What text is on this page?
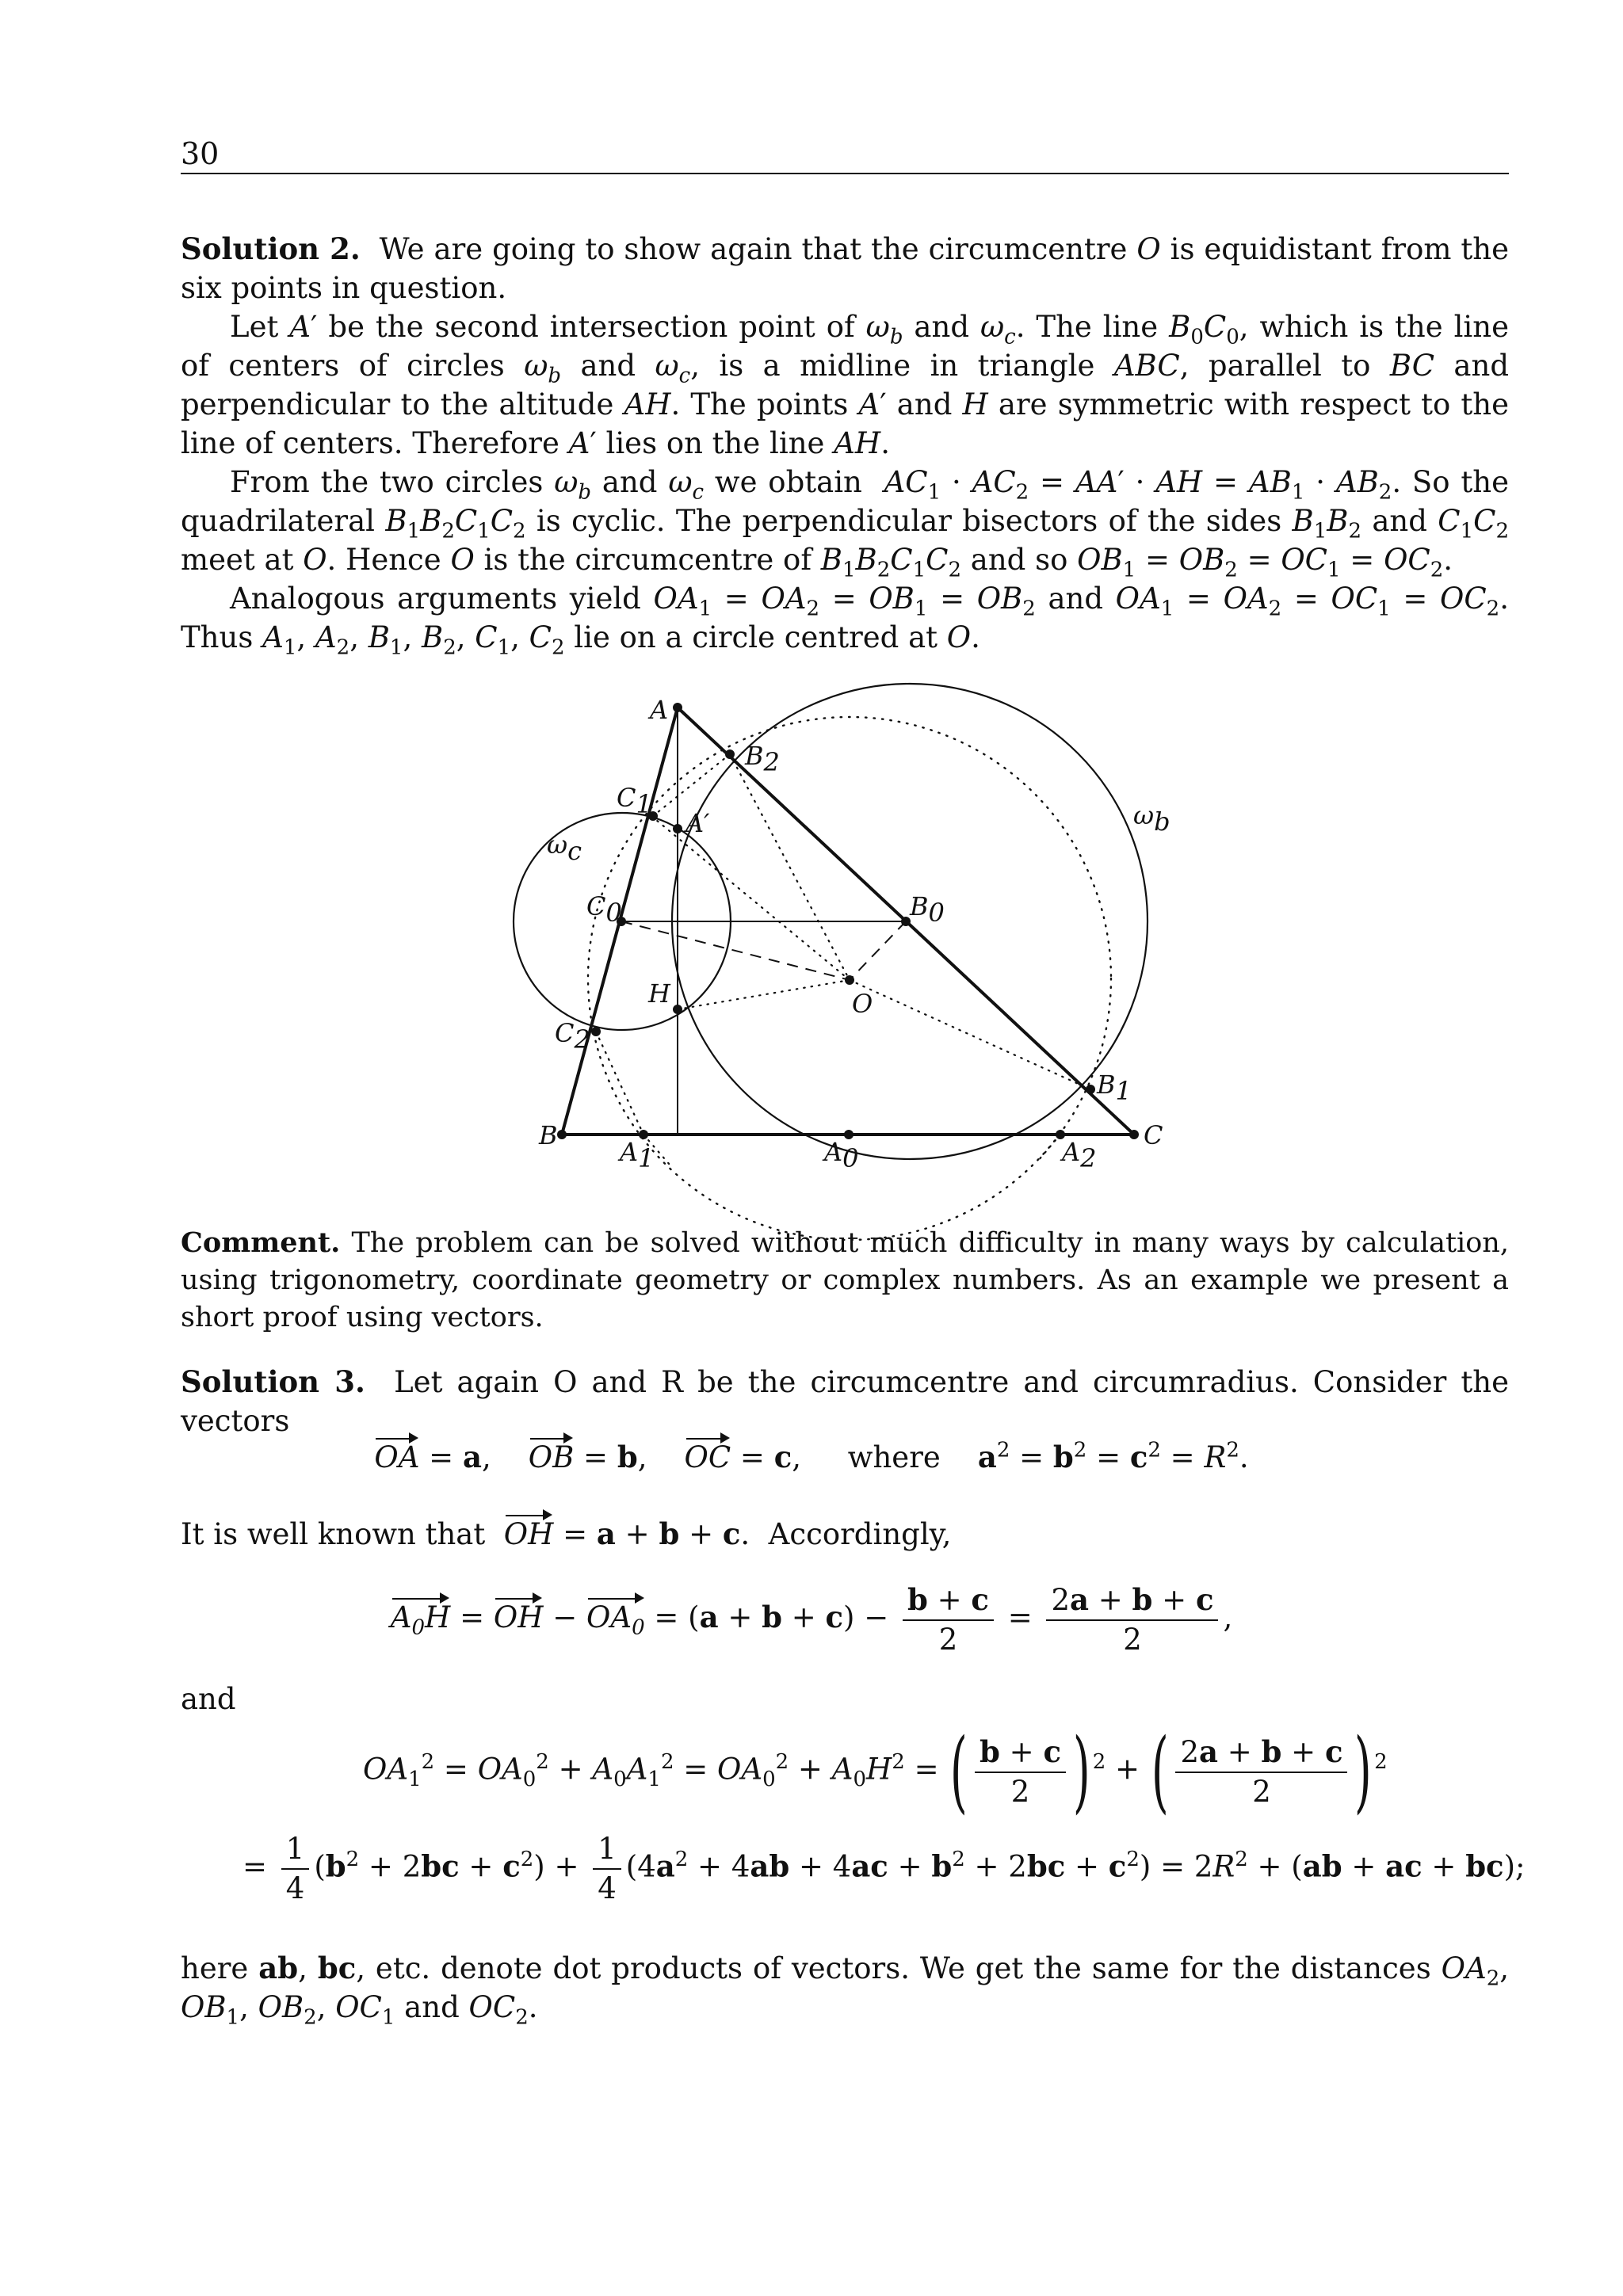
30

Solution 2.  We are going to show again that the circumcentre O is equidistant from the six points in question.

Let A′ be the second intersection point of $\omega_b$ and $\omega_c$. The line $B_0C_0$, which is the line of centers of circles $\omega_b$ and $\omega_c$, is a midline in triangle ABC, parallel to BC and perpendicular to the altitude AH. The points A′ and H are symmetric with respect to the line of centers. Therefore A′ lies on the line AH.

From the two circles $\omega_b$ and $\omega_c$ we obtain  $AC_1 \cdot AC_2 = AA'$ · AH = $AB_1 \cdot AB_2$. So the quadrilateral $B_1B_2C_1C_2$ is cyclic. The perpendicular bisectors of the sides $B_1B_2$ and $C_1C_2$ meet at O. Hence O is the circumcentre of $B_1B_2C_1C_2$ and so $OB_1 = OB_2 = OC_1 = OC_2$.

Analogous arguments yield $OA_1 = OA_2 = OB_1 = OB_2$ and $OA_1 = OA_2 = OC_1 = OC_2$. Thus $A_1$, $A_2$, $B_1$, $B_2$, $C_1$, $C_2$ lie on a circle centred at O.

A
B	C
H	O
A′
B2
C1
C0	B0
C2
B1
A1	A0	A2
ωb
ωc
Comment. The problem can be solved without much difficulty in many ways by calculation, using trigonometry, coordinate geometry or complex numbers. As an example we present a short proof using vectors.
Solution 3. Let again O and R be the circumcentre and circumradius. Consider the vectors
OA = a,    OB = b,    OC = c,     where $a^2 = b^2 = c^2 = R^2$.
It is well known that OH = a + b + c.  Accordingly,
$A_0H$ = OH − $OA_0 = (a + b + c) - \frac{b + c}{2} = \frac{2a + b + c}{2}$ ,
and
$OA_1^2 = OA_0^2 + A_0A_1^2 = OA_0^2 + A_0H^2$ = ( $\frac{b + c}{2}$ ) $^2$ + ( $\frac{2a + b + c}{2}$ ) $^2$
= $\frac{1}{4} (b^2 + 2bc + c^2) + \frac{1}{4} (4a^2 + 4ab + 4ac + b^2 + 2bc + c^2) = 2R^2 + (ab$ + ac + bc);
here ab, bc, etc. denote dot products of vectors. We get the same for the distances $OA_2$, $OB_1$, $OB_2$, $OC_1$ and $OC_2$.
